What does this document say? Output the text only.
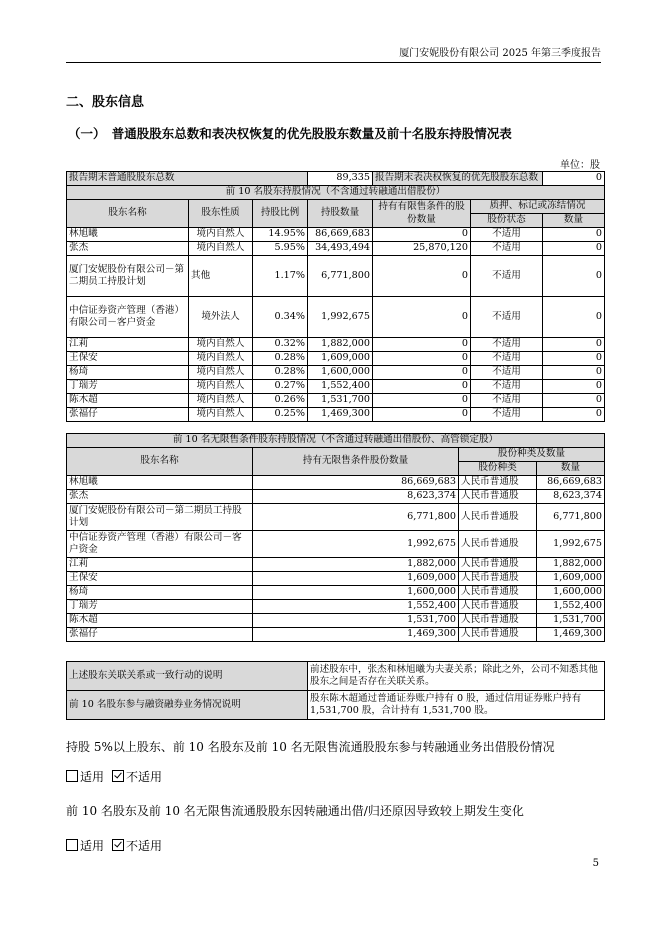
厦门安妮股份有限公司 2025 年第三季度报告

二、股东信息

（一）　普通股股东总数和表决权恢复的优先股股东数量及前十名股东持股情况表

单位：股
报告期末普通股股东总数			89,335	报告期末表决权恢复的优先股股东总数		0
前 10 名股东持股情况（不含通过转融通出借股份）						
股东名称	股东性质	持股比例	持股数量	持有有限售条件的股份数量	质押、标记或冻结情况	
					股份状态	数量
林旭曦	境内自然人	14.95%	86,669,683	0	不适用	0
张杰	境内自然人	5.95%	34,493,494	25,870,120	不适用	0
厦门安妮股份有限公司－第二期员工持股计划	其他	1.17%	6,771,800	0	不适用	0
中信证券资产管理（香港）有限公司－客户资金	境外法人	0.34%	1,992,675	0	不适用	0
江莉	境内自然人	0.32%	1,882,000	0	不适用	0
王保安	境内自然人	0.28%	1,609,000	0	不适用	0
杨琦	境内自然人	0.28%	1,600,000	0	不适用	0
丁瑞芳	境内自然人	0.27%	1,552,400	0	不适用	0
陈木超	境内自然人	0.26%	1,531,700	0	不适用	0
张福仔	境内自然人	0.25%	1,469,300	0	不适用	0
前 10 名无限售条件股东持股情况（不含通过转融通出借股份、高管锁定股）			
股东名称	持有无限售条件股份数量	股份种类及数量	
		股份种类	数量
林旭曦	86,669,683	人民币普通股	86,669,683
张杰	8,623,374	人民币普通股	8,623,374
厦门安妮股份有限公司－第二期员工持股计划	6,771,800	人民币普通股	6,771,800
中信证券资产管理（香港）有限公司－客户资金	1,992,675	人民币普通股	1,992,675
江莉	1,882,000	人民币普通股	1,882,000
王保安	1,609,000	人民币普通股	1,609,000
杨琦	1,600,000	人民币普通股	1,600,000
丁瑞芳	1,552,400	人民币普通股	1,552,400
陈木超	1,531,700	人民币普通股	1,531,700
张福仔	1,469,300	人民币普通股	1,469,300
上述股东关联关系或一致行动的说明	前述股东中，张杰和林旭曦为夫妻关系；除此之外，公司不知悉其他股东之间是否存在关联关系。
前 10 名股东参与融资融券业务情况说明	股东陈木超通过普通证券账户持有 0 股，通过信用证券账户持有 1,531,700 股，合计持有 1,531,700 股。

持股 5%以上股东、前 10 名股东及前 10 名无限售流通股股东参与转融通业务出借股份情况

适用 不适用

前 10 名股东及前 10 名无限售流通股股东因转融通出借/归还原因导致较上期发生变化

适用 不适用

5
